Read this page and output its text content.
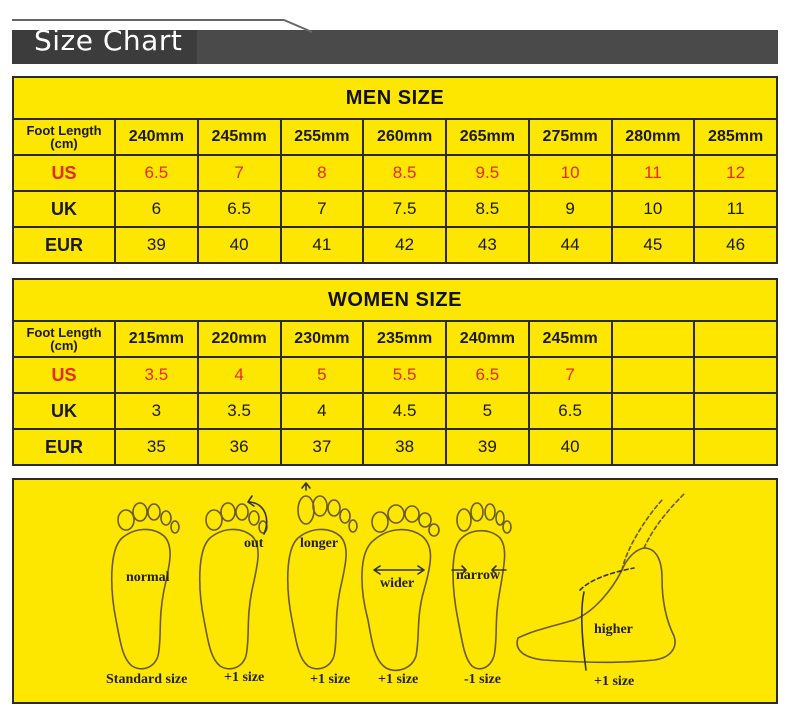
Size Chart
MEN SIZE								
Foot Length
(cm)	240mm	245mm	255mm	260mm	265mm	275mm	280mm	285mm
US	6.5	7	8	8.5	9.5	10	11	12
UK	6	6.5	7	7.5	8.5	9	10	11
EUR	39	40	41	42	43	44	45	46
WOMEN SIZE								
Foot Length
(cm)	215mm	220mm	230mm	235mm	240mm	245mm		
US	3.5	4	5	5.5	6.5	7		
UK	3	3.5	4	4.5	5	6.5		
EUR	35	36	37	38	39	40		
normal
Standard size
out
+1 size
longer
+1 size
wider
+1 size
narrow
-1 size
higher
+1 size
